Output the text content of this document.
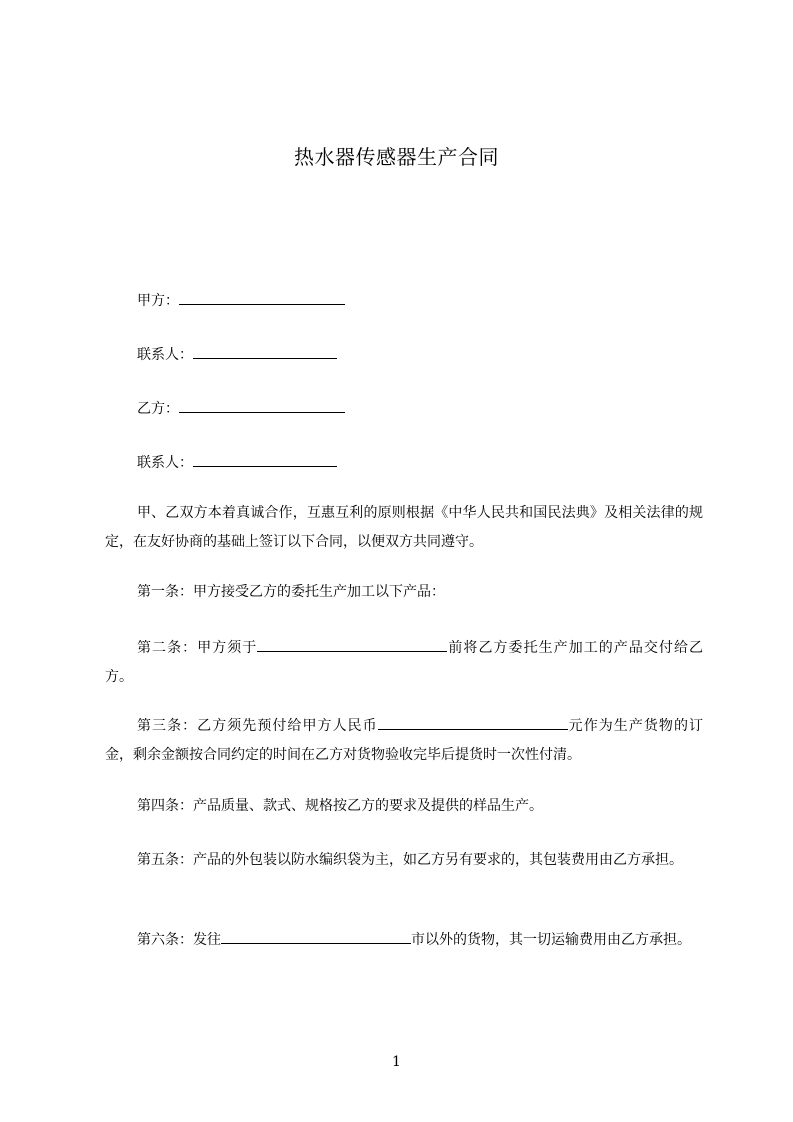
热水器传感器生产合同
甲方：
联系人：
乙方：
联系人：
甲、乙双方本着真诚合作，互惠互利的原则根据《中华人民共和国民法典》及相关法律的规定，在友好协商的基础上签订以下合同，以便双方共同遵守。
第一条：甲方接受乙方的委托生产加工以下产品：
第二条：甲方须于	前将乙方委托生产加工的产品交付给乙方。
第三条：乙方须先预付给甲方人民币	元作为生产货物的订金，剩余金额按合同约定的时间在乙方对货物验收完毕后提货时一次性付清。
第四条：产品质量、款式、规格按乙方的要求及提供的样品生产。
第五条：产品的外包装以防水编织袋为主，如乙方另有要求的，其包装费用由乙方承担。
第六条：发往	市以外的货物，其一切运输费用由乙方承担。
1
